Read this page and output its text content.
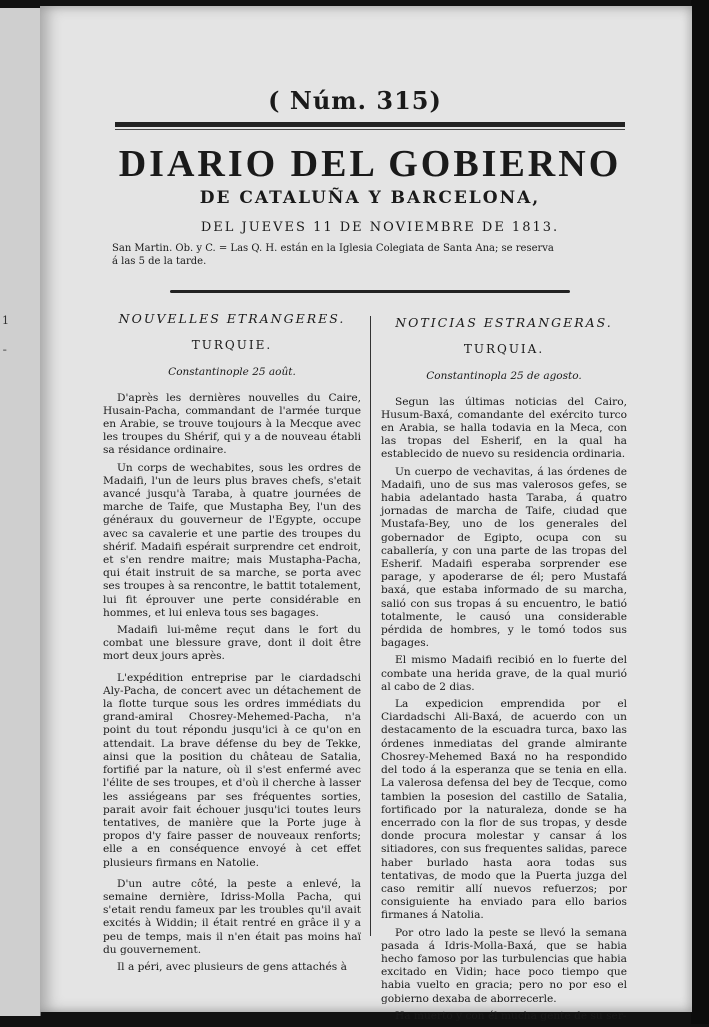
1
ˉ
( Núm. 315)
DIARIO DEL GOBIERNO
DE CATALUÑA Y BARCELONA,
DEL JUEVES 11 DE NOVIEMBRE DE 1813.
San Martin. Ob. y C. = Las Q. H. están en la Iglesia Colegiata de Santa Ana; se reserva
á las 5 de la tarde.
NOUVELLES ETRANGERES.
TURQUIE.
Constantinople 25 août.

D'après les dernières nouvelles du Caire, Husain-Pacha, commandant de l'armée turque en Arabie, se trouve toujours à la Mecque avec les troupes du Shérif, qui y a de nouveau établi sa résidance ordinaire.

Un corps de wechabites, sous les ordres de Madaifi, l'un de leurs plus braves chefs, s'etait avancé jusqu'à Taraba, à quatre journées de marche de Taife, que Mustapha Bey, l'un des généraux du gouverneur de l'Egypte, occupe avec sa cavalerie et une partie des troupes du shérif. Madaifi espérait surprendre cet endroit, et s'en rendre maitre; mais Mustapha-Pacha, qui était instruit de sa marche, se porta avec ses troupes à sa rencontre, le battit totalement, lui fit éprouver une perte considérable en hommes, et lui enleva tous ses bagages.

Madaifi lui-même reçut dans le fort du combat une blessure grave, dont il doit être mort deux jours après.

L'expédition entreprise par le ciardadschi Aly-Pacha, de concert avec un détachement de la flotte turque sous les ordres immédiats du grand-amiral Chosrey-Mehemed-Pacha, n'a point du tout répondu jusqu'ici à ce qu'on en attendait. La brave défense du bey de Tekke, ainsi que la position du château de Satalia, fortifié par la nature, où il s'est enfermé avec l'élite de ses troupes, et d'où il cherche à lasser les assiégeans par ses fréquentes sorties, parait avoir fait échouer jusqu'ici toutes leurs tentatives, de manière que la Porte juge à propos d'y faire passer de nouveaux renforts; elle a en conséquence envoyé à cet effet plusieurs firmans en Natolie.

D'un autre côté, la peste a enlevé, la semaine dernière, Idriss-Molla Pacha, qui s'etait rendu fameux par les troubles qu'il avait excités à Widdin; il était rentré en grâce il y a peu de temps, mais il n'en était pas moins haï du gouvernement.

Il a péri, avec plusieurs de gens attachés à

NOTICIAS ESTRANGERAS.
TURQUIA.
Constantinopla 25 de agosto.

Segun las últimas noticias del Cairo, Husum-Baxá, comandante del exército turco en Arabia, se halla todavia en la Meca, con las tropas del Esherif, en la qual ha establecido de nuevo su residencia ordinaria.

Un cuerpo de vechavitas, á las órdenes de Madaifi, uno de sus mas valerosos gefes, se habia adelantado hasta Taraba, á quatro jornadas de marcha de Taife, ciudad que Mustafa-Bey, uno de los generales del gobernador de Egipto, ocupa con su caballería, y con una parte de las tropas del Esherif. Madaifi esperaba sorprender ese parage, y apoderarse de él; pero Mustafá baxá, que estaba informado de su marcha, salió con sus tropas á su encuentro, le batió totalmente, le causó una considerable pérdida de hombres, y le tomó todos sus bagages.

El mismo Madaifi recibió en lo fuerte del combate una herida grave, de la qual murió al cabo de 2 dias.

La expedicion emprendida por el Ciardadschi Ali-Baxá, de acuerdo con un destacamento de la escuadra turca, baxo las órdenes inmediatas del grande almirante Chosrey-Mehemed Baxá no ha respondido del todo á la esperanza que se tenia en ella. La valerosa defensa del bey de Tecque, como tambien la posesion del castillo de Satalia, fortificado por la naturaleza, donde se ha encerrado con la flor de sus tropas, y desde donde procura molestar y cansar á los sitiadores, con sus frequentes salidas, parece haber burlado hasta aora todas sus tentativas, de modo que la Puerta juzga del caso remitir allí nuevos refuerzos; por consiguiente ha enviado para ello barios firmanes á Natolia.

Por otro lado la peste se llevó la semana pasada á Idris-Molla-Baxá, que se habia hecho famoso por las turbulencias que habia excitado en Vidin; hace poco tiempo que habia vuelto en gracia; pero no por eso el gobierno dexaba de aborrecerle.

Ha muerto y con él mucha gente de su ser-
